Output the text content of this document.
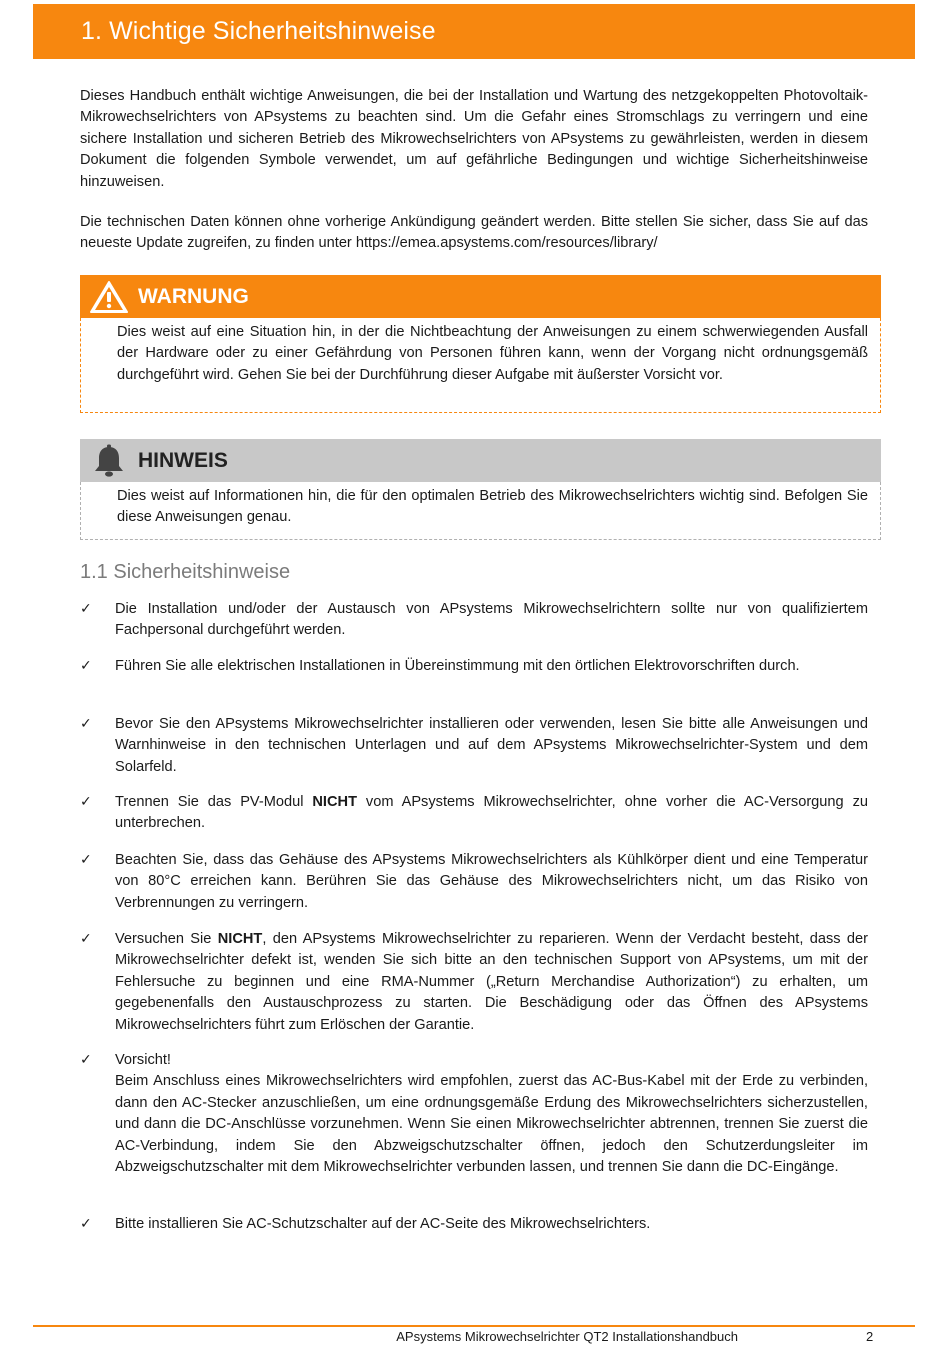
1. Wichtige Sicherheitshinweise

Dieses Handbuch enthält wichtige Anweisungen, die bei der Installation und Wartung des netzgekoppelten Photovoltaik-Mikrowechselrichters von APsystems zu beachten sind. Um die Gefahr eines Stromschlags zu verringern und eine sichere Installation und sicheren Betrieb des Mikrowechselrichters von APsystems zu gewährleisten, werden in diesem Dokument die folgenden Symbole verwendet, um auf gefährliche Bedingungen und wichtige Sicherheitshinweise hinzuweisen.

Die technischen Daten können ohne vorherige Ankündigung geändert werden. Bitte stellen Sie sicher, dass Sie auf das neueste Update zugreifen, zu finden unter https://emea.apsystems.com/resources/library/

WARNUNG

Dies weist auf eine Situation hin, in der die Nichtbeachtung der Anweisungen zu einem schwerwiegenden Ausfall der Hardware oder zu einer Gefährdung von Personen führen kann, wenn der Vorgang nicht ordnungsgemäß durchgeführt wird. Gehen Sie bei der Durchführung dieser Aufgabe mit äußerster Vorsicht vor.

HINWEIS

Dies weist auf Informationen hin, die für den optimalen Betrieb des Mikrowechselrichters wichtig sind. Befolgen Sie diese Anweisungen genau.

1.1 Sicherheitshinweise
✓ Die Installation und/oder der Austausch von APsystems Mikrowechselrichtern sollte nur von qualifiziertem Fachpersonal durchgeführt werden.

✓ Führen Sie alle elektrischen Installationen in Übereinstimmung mit den örtlichen Elektrovorschriften durch.

✓ Bevor Sie den APsystems Mikrowechselrichter installieren oder verwenden, lesen Sie bitte alle Anweisungen und Warnhinweise in den technischen Unterlagen und auf dem APsystems Mikrowechselrichter-System und dem Solarfeld.

✓ Trennen Sie das PV-Modul NICHT vom APsystems Mikrowechselrichter, ohne vorher die AC-Versorgung zu unterbrechen.

✓ Beachten Sie, dass das Gehäuse des APsystems Mikrowechselrichters als Kühlkörper dient und eine Temperatur von 80°C erreichen kann. Berühren Sie das Gehäuse des Mikrowechselrichters nicht, um das Risiko von Verbrennungen zu verringern.

✓ Versuchen Sie NICHT, den APsystems Mikrowechselrichter zu reparieren. Wenn der Verdacht besteht, dass der Mikrowechselrichter defekt ist, wenden Sie sich bitte an den technischen Support von APsystems, um mit der Fehlersuche zu beginnen und eine RMA-Nummer („Return Merchandise Authorization“) zu erhalten, um gegebenenfalls den Austauschprozess zu starten. Die Beschädigung oder das Öffnen des APsystems Mikrowechselrichters führt zum Erlöschen der Garantie.

✓ Vorsicht!

Beim Anschluss eines Mikrowechselrichters wird empfohlen, zuerst das AC-Bus-Kabel mit der Erde zu verbinden, dann den AC-Stecker anzuschließen, um eine ordnungsgemäße Erdung des Mikrowechselrichters sicherzustellen, und dann die DC-Anschlüsse vorzunehmen. Wenn Sie einen Mikrowechselrichter abtrennen, trennen Sie zuerst die AC-Verbindung, indem Sie den Abzweigschutzschalter öffnen, jedoch den Schutzerdungsleiter im Abzweigschutzschalter mit dem Mikrowechselrichter verbunden lassen, und trennen Sie dann die DC-Eingänge.

✓ Bitte installieren Sie AC-Schutzschalter auf der AC-Seite des Mikrowechselrichters.

APsystems Mikrowechselrichter QT2 Installationshandbuch	2
